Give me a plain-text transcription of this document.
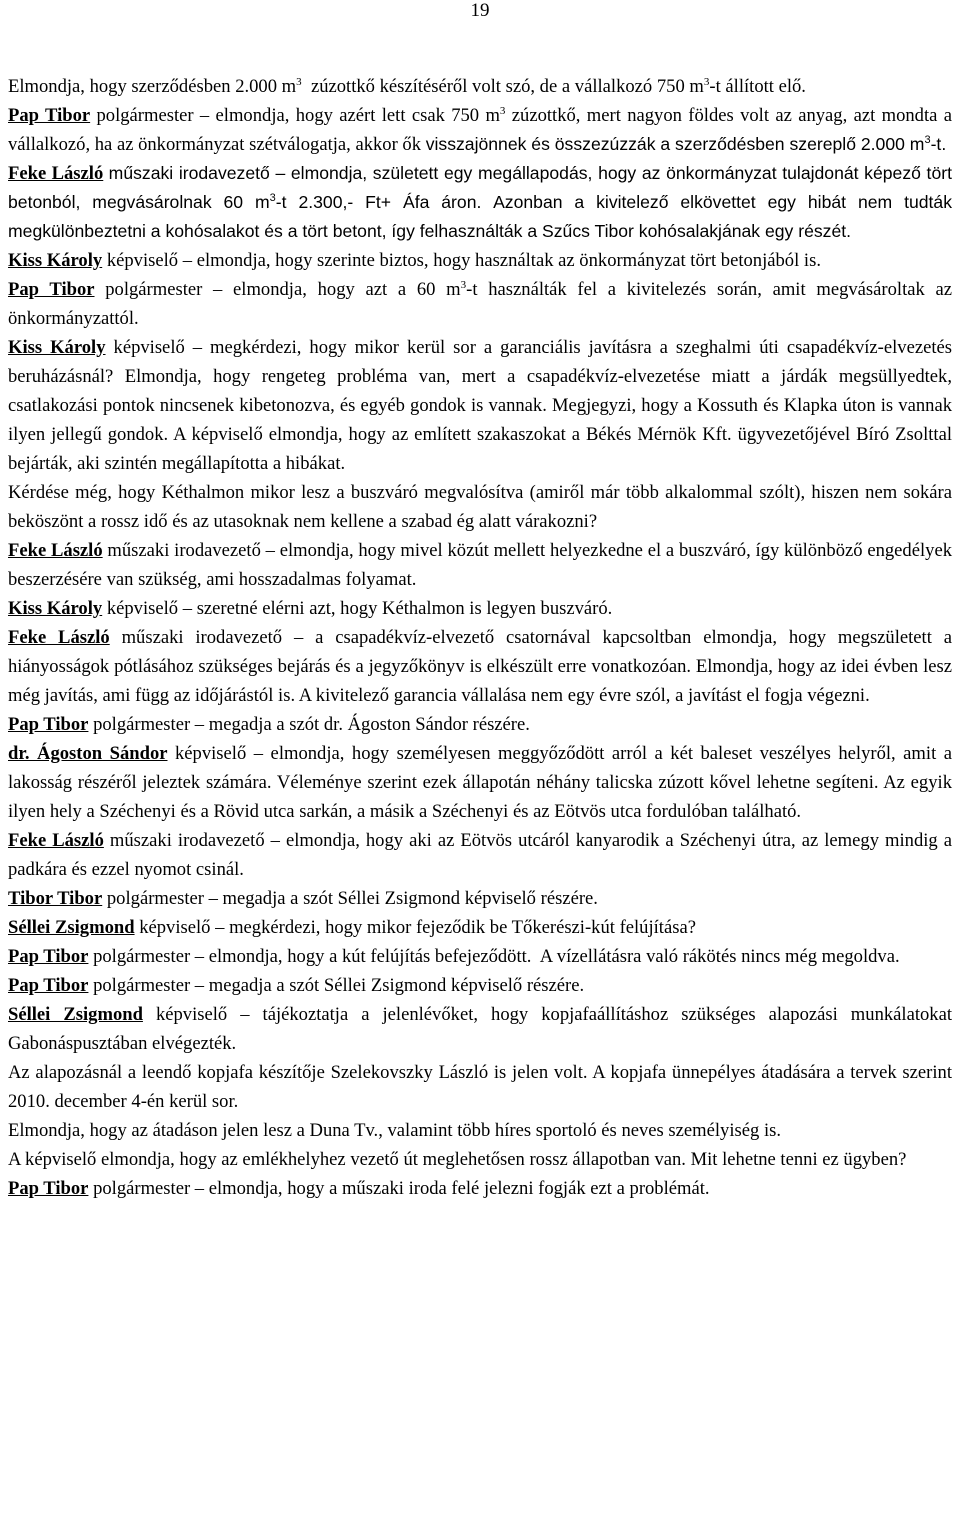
19

Elmondja, hogy szerződésben 2.000 $m^3$  zúzottkő készítéséről volt szó, de a vállalkozó 750 $m^3-t$ állított elő.

Pap Tibor polgármester – elmondja, hogy azért lett csak 750 $m^3$ zúzottkő, mert nagyon földes volt az anyag, azt mondta a vállalkozó, ha az önkormányzat szétválogatja, akkor ők visszajönnek és összezúzzák a szerződésben szereplő 2.000 $m^3-t$.

Feke László műszaki irodavezető – elmondja, született egy megállapodás, hogy az önkormányzat tulajdonát képező tört betonból, megvásárolnak 60 $m^3-t$ 2.300,- Ft+ Áfa áron. Azonban a kivitelező elkövettet egy hibát nem tudták megkülönbeztetni a kohósalakot és a tört betont, így felhasználták a Szűcs Tibor kohósalakjának egy részét.

Kiss Károly képviselő – elmondja, hogy szerinte biztos, hogy használtak az önkormányzat tört betonjából is.

Pap Tibor polgármester – elmondja, hogy azt a 60 $m^3-t$ használták fel a kivitelezés során, amit megvásároltak az önkormányzattól.

Kiss Károly képviselő – megkérdezi, hogy mikor kerül sor a garanciális javításra a szeghalmi úti csapadékvíz-elvezetés beruházásnál? Elmondja, hogy rengeteg probléma van, mert a csapadékvíz-elvezetése miatt a járdák megsüllyedtek, csatlakozási pontok nincsenek kibetonozva, és egyéb gondok is vannak. Megjegyzi, hogy a Kossuth és Klapka úton is vannak ilyen jellegű gondok. A képviselő elmondja, hogy az említett szakaszokat a Békés Mérnök Kft. ügyvezetőjével Bíró Zsolttal bejárták, aki szintén megállapította a hibákat.

Kérdése még, hogy Kéthalmon mikor lesz a buszváró megvalósítva (amiről már több alkalommal szólt), hiszen nem sokára beköszönt a rossz idő és az utasoknak nem kellene a szabad ég alatt várakozni?

Feke László műszaki irodavezető – elmondja, hogy mivel közút mellett helyezkedne el a buszváró, így különböző engedélyek beszerzésére van szükség, ami hosszadalmas folyamat.

Kiss Károly képviselő – szeretné elérni azt, hogy Kéthalmon is legyen buszváró.

Feke László műszaki irodavezető – a csapadékvíz-elvezető csatornával kapcsoltban elmondja, hogy megszületett a hiányosságok pótlásához szükséges bejárás és a jegyzőkönyv is elkészült erre vonatkozóan. Elmondja, hogy az idei évben lesz még javítás, ami függ az időjárástól is. A kivitelező garancia vállalása nem egy évre szól, a javítást el fogja végezni.

Pap Tibor polgármester – megadja a szót dr. Ágoston Sándor részére.

dr. Ágoston Sándor képviselő – elmondja, hogy személyesen meggyőződött arról a két baleset veszélyes helyről, amit a lakosság részéről jeleztek számára. Véleménye szerint ezek állapotán néhány talicska zúzott kővel lehetne segíteni. Az egyik ilyen hely a Széchenyi és a Rövid utca sarkán, a másik a Széchenyi és az Eötvös utca fordulóban található.

Feke László műszaki irodavezető – elmondja, hogy aki az Eötvös utcáról kanyarodik a Széchenyi útra, az lemegy mindig a padkára és ezzel nyomot csinál.

Tibor Tibor polgármester – megadja a szót Séllei Zsigmond képviselő részére.

Séllei Zsigmond képviselő – megkérdezi, hogy mikor fejeződik be Tőkerészi-kút felújítása?

Pap Tibor polgármester – elmondja, hogy a kút felújítás befejeződött.  A vízellátásra való rákötés nincs még megoldva.

Pap Tibor polgármester – megadja a szót Séllei Zsigmond képviselő részére.

Séllei Zsigmond képviselő – tájékoztatja a jelenlévőket, hogy kopjafaállításhoz szükséges alapozási munkálatokat Gabonáspusztában elvégezték.

Az alapozásnál a leendő kopjafa készítője Szelekovszky László is jelen volt. A kopjafa ünnepélyes átadására a tervek szerint 2010. december 4-én kerül sor.

Elmondja, hogy az átadáson jelen lesz a Duna Tv., valamint több híres sportoló és neves személyiség is.

A képviselő elmondja, hogy az emlékhelyhez vezető út meglehetősen rossz állapotban van. Mit lehetne tenni ez ügyben?

Pap Tibor polgármester – elmondja, hogy a műszaki iroda felé jelezni fogják ezt a problémát.
